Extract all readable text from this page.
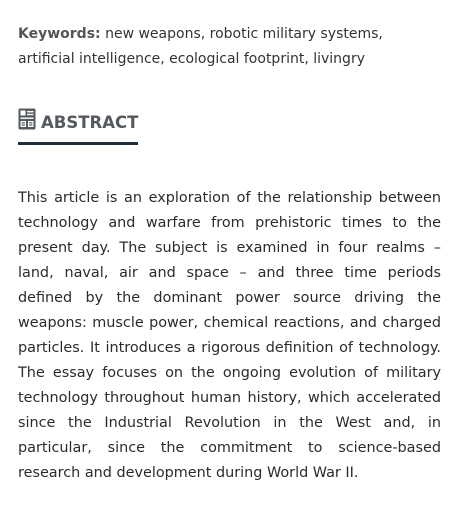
Keywords: new weapons, robotic military systems, artificial intelligence, ecological footprint, livingry
ABSTRACT

This article is an exploration of the relationship between technology and warfare from prehistoric times to the present day. The subject is examined in four realms – land, naval, air and space – and three time periods defined by the dominant power source driving the weapons: muscle power, chemical reactions, and charged particles. It introduces a rigorous definition of technology. The essay focuses on the ongoing evolution of military technology throughout human history, which accelerated since the Industrial Revolution in the West and, in particular, since the commitment to science-based research and development during World War II.
